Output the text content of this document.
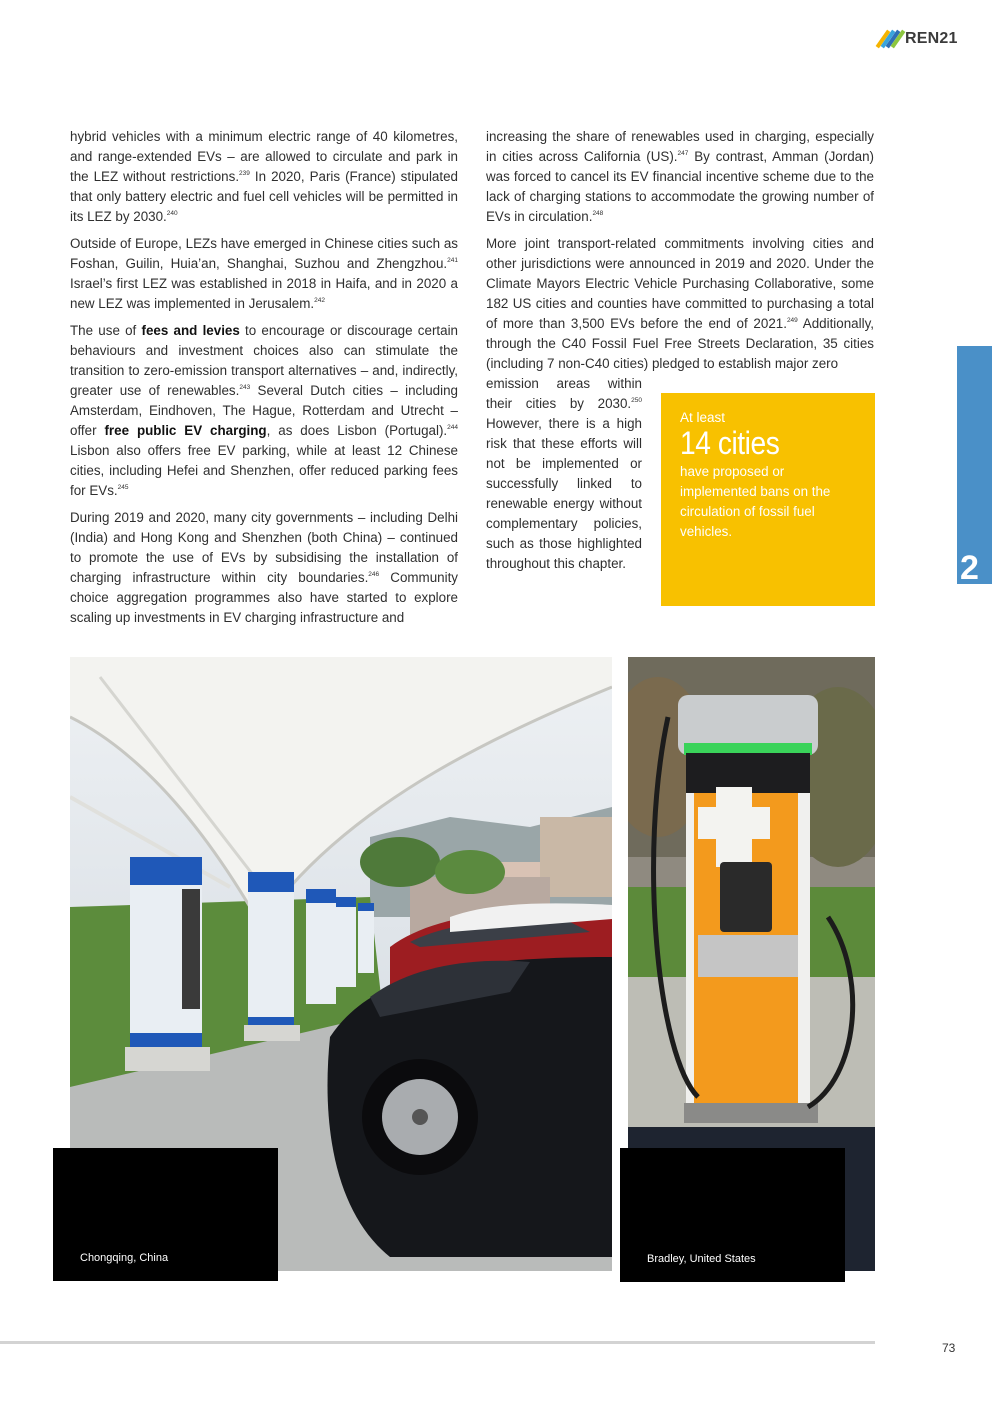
REN21

hybrid vehicles with a minimum electric range of 40 kilometres, and range-extended EVs – are allowed to circulate and park in the LEZ without restrictions.$^{239}$ In 2020, Paris (France) stipulated that only battery electric and fuel cell vehicles will be permitted in its LEZ by 2030.$^{240}$

Outside of Europe, LEZs have emerged in Chinese cities such as Foshan, Guilin, Huia’an, Shanghai, Suzhou and Zhengzhou.$^{241}$ Israel’s first LEZ was established in 2018 in Haifa, and in 2020 a new LEZ was implemented in Jerusalem.$^{242}$

The use of fees and levies to encourage or discourage certain behaviours and investment choices also can stimulate the transition to zero-emission transport alternatives – and, indirectly, greater use of renewables.$^{243}$ Several Dutch cities – including Amsterdam, Eindhoven, The Hague, Rotterdam and Utrecht – offer free public EV charging, as does Lisbon (Portugal).$^{244}$ Lisbon also offers free EV parking, while at least 12 Chinese cities, including Hefei and Shenzhen, offer reduced parking fees for EVs.$^{245}$

During 2019 and 2020, many city governments – including Delhi (India) and Hong Kong and Shenzhen (both China) – continued to promote the use of EVs by subsidising the installation of charging infrastructure within city boundaries.$^{246}$ Community choice aggregation programmes also have started to explore scaling up investments in EV charging infrastructure and

increasing the share of renewables used in charging, especially in cities across California (US).$^{247}$ By contrast, Amman (Jordan) was forced to cancel its EV financial incentive scheme due to the lack of charging stations to accommodate the growing number of EVs in circulation.$^{248}$

More joint transport-related commitments involving cities and other jurisdictions were announced in 2019 and 2020. Under the Climate Mayors Electric Vehicle Purchasing Collaborative, some 182 US cities and counties have committed to purchasing a total of more than 3,500 EVs before the end of 2021.$^{249}$ Additionally, through the C40 Fossil Fuel Free Streets Declaration, 35 cities (including 7 non-C40 cities) pledged to establish major zero

emission areas within their cities by 2030.$^{250}$ However, there is a high risk that these efforts will not be implemented or successfully linked to renewable energy without complementary policies, such as those highlighted throughout this chapter.

At least

14 cities

have proposed or implemented bans on the circulation of fossil fuel vehicles.

2
Chongqing, China	Bradley, United States
73
